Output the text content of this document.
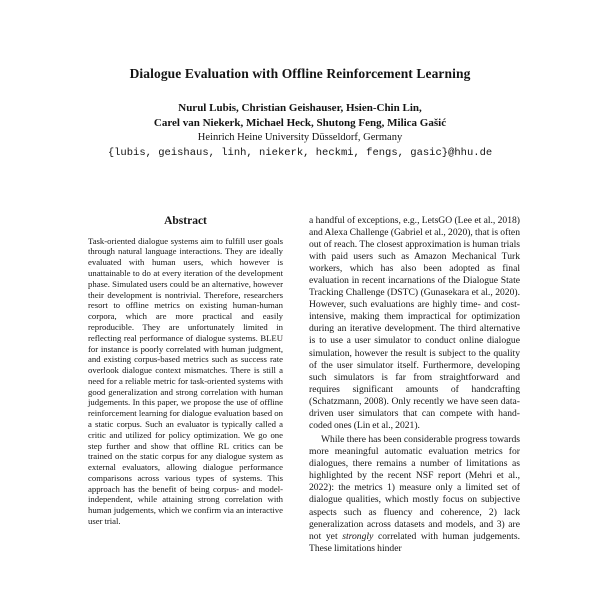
Dialogue Evaluation with Offline Reinforcement Learning
Nurul Lubis, Christian Geishauser, Hsien-Chin Lin,
Carel van Niekerk, Michael Heck, Shutong Feng, Milica Gašić
Heinrich Heine University Düsseldorf, Germany
{lubis, geishaus, linh, niekerk, heckmi, fengs, gasic}@hhu.de
Abstract

Task-oriented dialogue systems aim to fulfill user goals through natural language interactions. They are ideally evaluated with human users, which however is unattainable to do at every iteration of the development phase. Simulated users could be an alternative, however their development is nontrivial. Therefore, researchers resort to offline metrics on existing human-human corpora, which are more practical and easily reproducible. They are unfortunately limited in reflecting real performance of dialogue systems. BLEU for instance is poorly correlated with human judgment, and existing corpus-based metrics such as success rate overlook dialogue context mismatches. There is still a need for a reliable metric for task-oriented systems with good generalization and strong correlation with human judgements. In this paper, we propose the use of offline reinforcement learning for dialogue evaluation based on a static corpus. Such an evaluator is typically called a critic and utilized for policy optimization. We go one step further and show that offline RL critics can be trained on the static corpus for any dialogue system as external evaluators, allowing dialogue performance comparisons across various types of systems. This approach has the benefit of being corpus- and model-independent, while attaining strong correlation with human judgements, which we confirm via an interactive user trial.

a handful of exceptions, e.g., LetsGO (Lee et al., 2018) and Alexa Challenge (Gabriel et al., 2020), that is often out of reach. The closest approximation is human trials with paid users such as Amazon Mechanical Turk workers, which has also been adopted as final evaluation in recent incarnations of the Dialogue State Tracking Challenge (DSTC) (Gunasekara et al., 2020). However, such evaluations are highly time- and cost-intensive, making them impractical for optimization during an iterative development. The third alternative is to use a user simulator to conduct online dialogue simulation, however the result is subject to the quality of the user simulator itself. Furthermore, developing such simulators is far from straightforward and requires significant amounts of handcrafting (Schatzmann, 2008). Only recently we have seen data-driven user simulators that can compete with hand-coded ones (Lin et al., 2021).

While there has been considerable progress towards more meaningful automatic evaluation metrics for dialogues, there remains a number of limitations as highlighted by the recent NSF report (Mehri et al., 2022): the metrics 1) measure only a limited set of dialogue qualities, which mostly focus on subjective aspects such as fluency and coherence, 2) lack generalization across datasets and models, and 3) are not yet strongly correlated with human judgements. These limitations hinder
